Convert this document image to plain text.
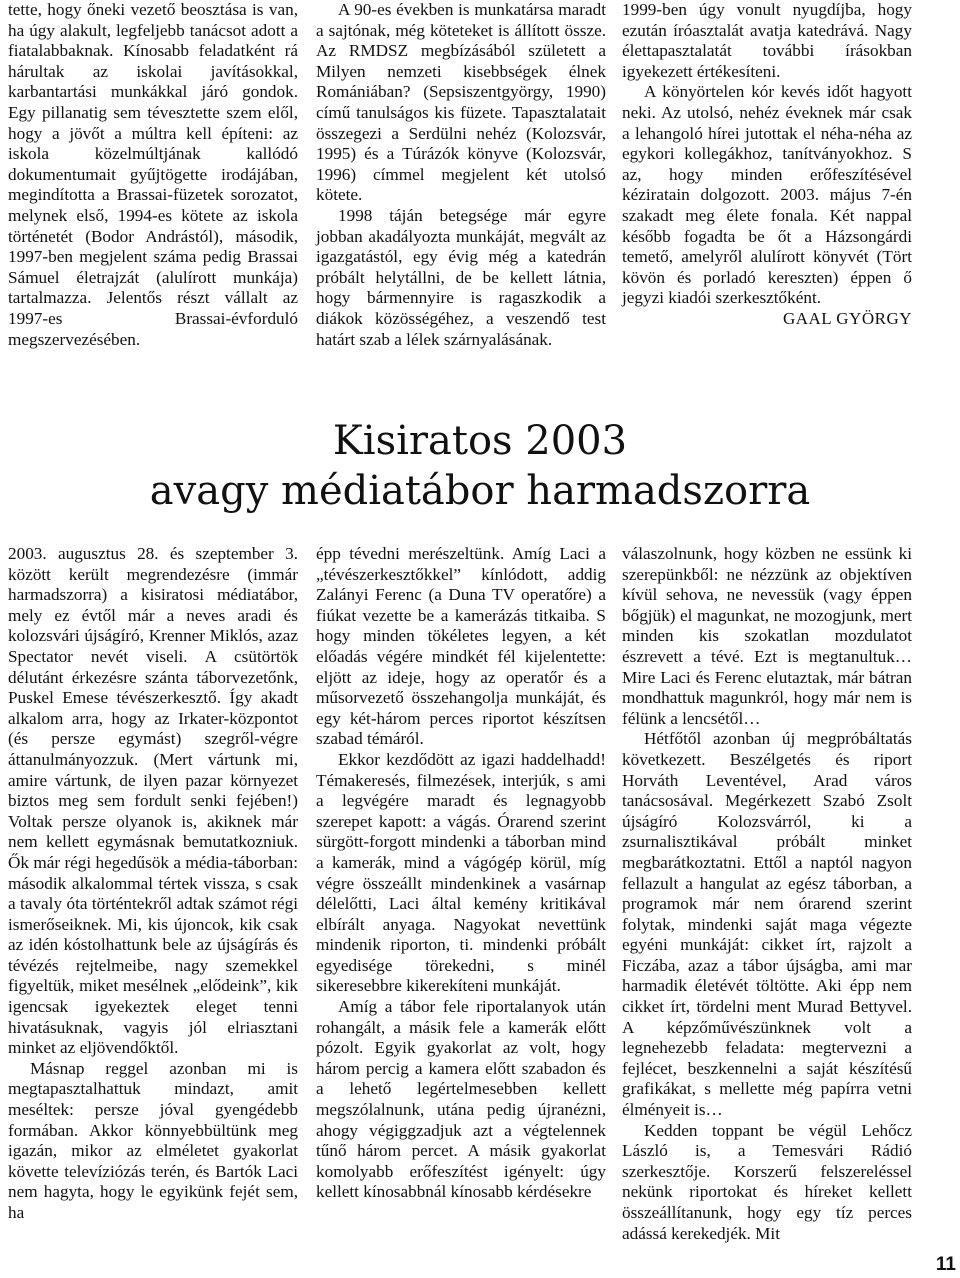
tette, hogy őneki vezető beosztása is van, ha úgy alakult, legfeljebb tanácsot adott a fiatalabbaknak. Kínosabb feladatként rá hárultak az iskolai javításokkal, karbantartási munkákkal járó gondok. Egy pillanatig sem tévesztette szem elől, hogy a jövőt a múltra kell építeni: az iskola közelmúltjának kallódó dokumentumait gyűjtögette irodájában, megindította a Brassai-füzetek sorozatot, melynek első, 1994-es kötete az iskola történetét (Bodor Andrástól), második, 1997-ben megjelent száma pedig Brassai Sámuel életrajzát (alulírott munkája) tartalmazza. Jelentős részt vállalt az 1997-es Brassai-évforduló megszervezésében.

A 90-es években is munkatársa maradt a sajtónak, még köteteket is állított össze. Az RMDSZ megbízásából született a Milyen nemzeti kisebbségek élnek Romániában? (Sepsiszentgyörgy, 1990) című tanulságos kis füzete. Tapasztalatait összegezi a Serdülni nehéz (Kolozsvár, 1995) és a Túrázók könyve (Kolozsvár, 1996) címmel megjelent két utolsó kötete.

1998 táján betegsége már egyre jobban akadályozta munkáját, megvált az igazgatástól, egy évig még a katedrán próbált helytállni, de be kellett látnia, hogy bármennyire is ragaszkodik a diákok közösségéhez, a veszendő test határt szab a lélek szárnyalásának.

1999-ben úgy vonult nyugdíjba, hogy ezután íróasztalát avatja katedrává. Nagy élettapasztalatát további írásokban igyekezett értékesíteni.

A könyörtelen kór kevés időt hagyott neki. Az utolsó, nehéz éveknek már csak a lehangoló hírei jutottak el néha-néha az egykori kollegákhoz, tanítványokhoz. S az, hogy minden erőfeszítésével kéziratain dolgozott. 2003. május 7-én szakadt meg élete fonala. Két nappal később fogadta be őt a Házsongárdi temető, amelyről alulírott könyvét (Tört kövön és porladó kereszten) éppen ő jegyzi kiadói szerkesztőként.

GAAL GYÖRGY

Kisiratos 2003
avagy médiatábor harmadszorra

2003. augusztus 28. és szeptember 3. között került megrendezésre (immár harmadszorra) a kisiratosi médiatábor, mely ez évtől már a neves aradi és kolozsvári újságíró, Krenner Miklós, azaz Spectator nevét viseli. A csütörtök délutánt érkezésre szánta táborvezetőnk, Puskel Emese tévészerkesztő. Így akadt alkalom arra, hogy az Irkater-központot (és persze egymást) szegről-végre áttanulmányozzuk. (Mert vártunk mi, amire vártunk, de ilyen pazar környezet biztos meg sem fordult senki fejében!) Voltak persze olyanok is, akiknek már nem kellett egymásnak bemutatkozniuk. Ők már régi hegedűsök a média-táborban: második alkalommal tértek vissza, s csak a tavaly óta történtekről adtak számot régi ismerőseiknek. Mi, kis újoncok, kik csak az idén kóstolhattunk bele az újságírás és tévézés rejtelmeibe, nagy szemekkel figyeltük, miket mesélnek „elődeink”, kik igencsak igyekeztek eleget tenni hivatásuknak, vagyis jól elriasztani minket az eljövendőktől.

Másnap reggel azonban mi is megtapasztalhattuk mindazt, amit meséltek: persze jóval gyengédebb formában. Akkor könnyebbültünk meg igazán, mikor az elméletet gyakorlat követte televíziózás terén, és Bartók Laci nem hagyta, hogy le egyikünk fejét sem, ha

épp tévedni merészeltünk. Amíg Laci a „tévészerkesztőkkel” kínlódott, addig Zalányi Ferenc (a Duna TV operatőre) a fiúkat vezette be a kamerázás titkaiba. S hogy minden tökéletes legyen, a két előadás végére mindkét fél kijelentette: eljött az ideje, hogy az operatőr és a műsorvezető összehangolja munkáját, és egy két-három perces riportot készítsen szabad témáról.

Ekkor kezdődött az igazi haddelhadd! Témakeresés, filmezések, interjúk, s ami a legvégére maradt és legnagyobb szerepet kapott: a vágás. Órarend szerint sürgött-forgott mindenki a táborban mind a kamerák, mind a vágógép körül, míg végre összeállt mindenkinek a vasárnap délelőtti, Laci által kemény kritikával elbírált anyaga. Nagyokat nevettünk mindenik riporton, ti. mindenki próbált egyedisége törekedni, s minél sikeresebbre kikerekíteni munkáját.

Amíg a tábor fele riportalanyok után rohangált, a másik fele a kamerák előtt pózolt. Egyik gyakorlat az volt, hogy három percig a kamera előtt szabadon és a lehető legértelmesebben kellett megszólalnunk, utána pedig újranézni, ahogy végiggzadjuk azt a végtelennek tűnő három percet. A másik gyakorlat komolyabb erőfeszítést igényelt: úgy kellett kínosabbnál kínosabb kérdésekre

válaszolnunk, hogy közben ne essünk ki szerepünkből: ne nézzünk az objektíven kívül sehova, ne nevessük (vagy éppen bőgjük) el magunkat, ne mozogjunk, mert minden kis szokatlan mozdulatot észrevett a tévé. Ezt is megtanultuk… Mire Laci és Ferenc elutaztak, már bátran mondhattuk magunkról, hogy már nem is félünk a lencsétől…

Hétfőtől azonban új megpróbáltatás következett. Beszélgetés és riport Horváth Leventével, Arad város tanácsosával. Megérkezett Szabó Zsolt újságíró Kolozsvárról, ki a zsurnalisztikával próbált minket megbarátkoztatni. Ettől a naptól nagyon fellazult a hangulat az egész táborban, a programok már nem órarend szerint folytak, mindenki saját maga végezte egyéni munkáját: cikket írt, rajzolt a Ficzába, azaz a tábor újságba, ami mar harmadik életévét töltötte. Aki épp nem cikket írt, tördelni ment Murad Bettyvel. A képzőművészünknek volt a legnehezebb feladata: megtervezni a fejlécet, beszkennelni a saját készítésű grafikákat, s mellette még papírra vetni élményeit is…

Kedden toppant be végül Lehőcz László is, a Temesvári Rádió szerkesztője. Korszerű felszereléssel nekünk riportokat és híreket kellett összeállítanunk, hogy egy tíz perces adássá kerekedjék. Mit

11
